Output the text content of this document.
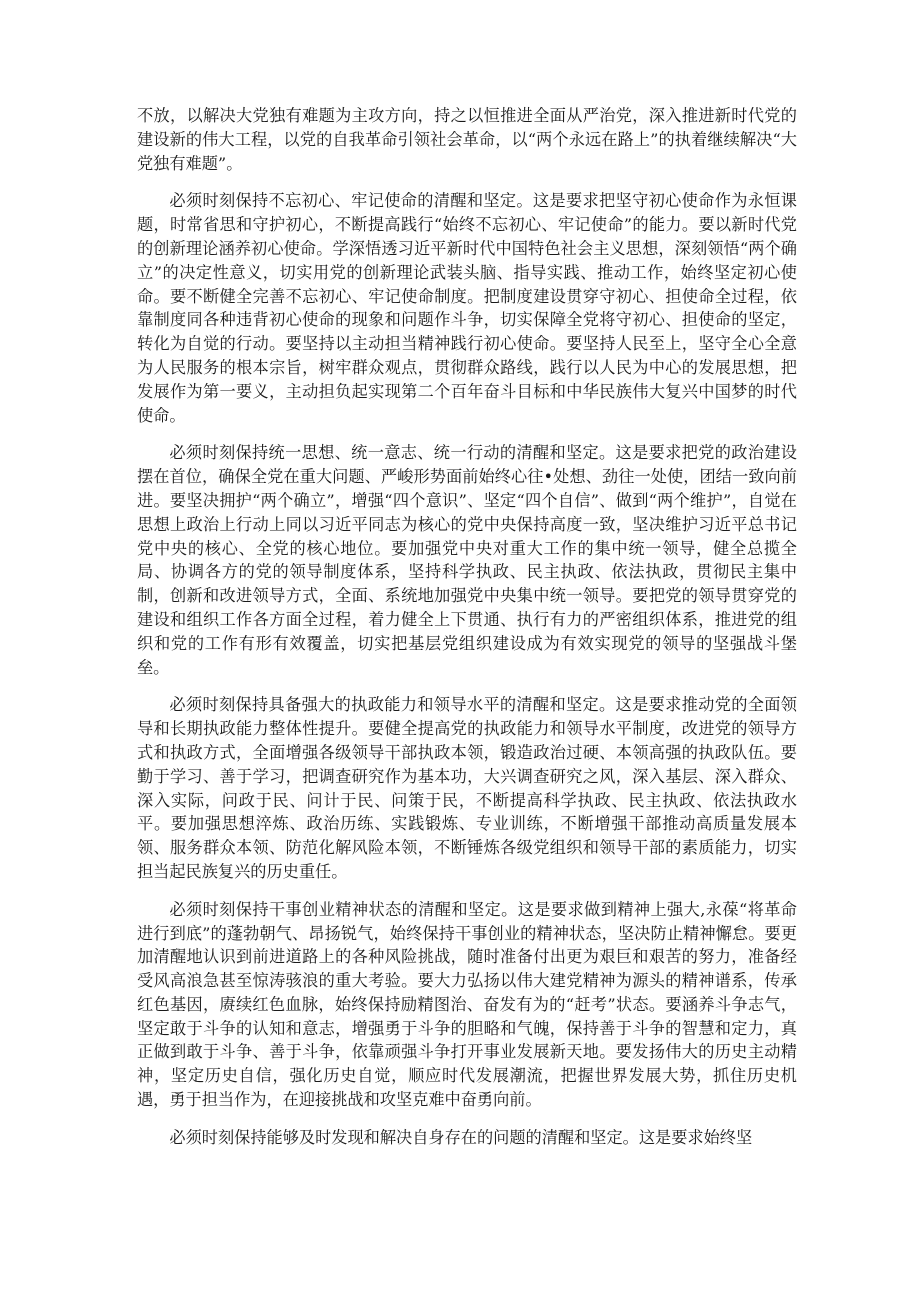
不放，以解决大党独有难题为主攻方向，持之以恒推进全面从严治党，深入推进新时代党的建设新的伟大工程，以党的自我革命引领社会革命，以“两个永远在路上”的执着继续解决“大党独有难题”。

必须时刻保持不忘初心、牢记使命的清醒和坚定。这是要求把坚守初心使命作为永恒课题，时常省思和守护初心，不断提高践行“始终不忘初心、牢记使命”的能力。要以新时代党的创新理论涵养初心使命。学深悟透习近平新时代中国特色社会主义思想，深刻领悟“两个确立”的决定性意义，切实用党的创新理论武装头脑、指导实践、推动工作，始终坚定初心使命。要不断健全完善不忘初心、牢记使命制度。把制度建设贯穿守初心、担使命全过程，依靠制度同各种违背初心使命的现象和问题作斗争，切实保障全党将守初心、担使命的坚定，转化为自觉的行动。要坚持以主动担当精神践行初心使命。要坚持人民至上，坚守全心全意为人民服务的根本宗旨，树牢群众观点，贯彻群众路线，践行以人民为中心的发展思想，把发展作为第一要义，主动担负起实现第二个百年奋斗目标和中华民族伟大复兴中国梦的时代使命。

必须时刻保持统一思想、统一意志、统一行动的清醒和坚定。这是要求把党的政治建设摆在首位，确保全党在重大问题、严峻形势面前始终心往•处想、劲往一处使，团结一致向前进。要坚决拥护“两个确立”，增强“四个意识”、坚定“四个自信”、做到“两个维护”，自觉在思想上政治上行动上同以习近平同志为核心的党中央保持高度一致，坚决维护习近平总书记党中央的核心、全党的核心地位。要加强党中央对重大工作的集中统一领导，健全总揽全局、协调各方的党的领导制度体系，坚持科学执政、民主执政、依法执政，贯彻民主集中制，创新和改进领导方式，全面、系统地加强党中央集中统一领导。要把党的领导贯穿党的建设和组织工作各方面全过程，着力健全上下贯通、执行有力的严密组织体系，推进党的组织和党的工作有形有效覆盖，切实把基层党组织建设成为有效实现党的领导的坚强战斗堡垒。

必须时刻保持具备强大的执政能力和领导水平的清醒和坚定。这是要求推动党的全面领导和长期执政能力整体性提升。要健全提高党的执政能力和领导水平制度，改进党的领导方式和执政方式，全面增强各级领导干部执政本领，锻造政治过硬、本领高强的执政队伍。要勤于学习、善于学习，把调查研究作为基本功，大兴调查研究之风，深入基层、深入群众、深入实际，问政于民、问计于民、问策于民，不断提高科学执政、民主执政、依法执政水平。要加强思想淬炼、政治历练、实践锻炼、专业训练，不断增强干部推动高质量发展本领、服务群众本领、防范化解风险本领，不断锤炼各级党组织和领导干部的素质能力，切实担当起民族复兴的历史重任。

必须时刻保持干事创业精神状态的清醒和坚定。这是要求做到精神上强大,永葆“将革命进行到底”的蓬勃朝气、昂扬锐气，始终保持干事创业的精神状态，坚决防止精神懈怠。要更加清醒地认识到前进道路上的各种风险挑战，随时准备付出更为艰巨和艰苦的努力，准备经受风高浪急甚至惊涛骇浪的重大考验。要大力弘扬以伟大建党精神为源头的精神谱系，传承红色基因，赓续红色血脉，始终保持励精图治、奋发有为的“赶考”状态。要涵养斗争志气，坚定敢于斗争的认知和意志，增强勇于斗争的胆略和气魄，保持善于斗争的智慧和定力，真正做到敢于斗争、善于斗争，依靠顽强斗争打开事业发展新天地。要发扬伟大的历史主动精神，坚定历史自信，强化历史自觉，顺应时代发展潮流，把握世界发展大势，抓住历史机遇，勇于担当作为，在迎接挑战和攻坚克难中奋勇向前。

必须时刻保持能够及时发现和解决自身存在的问题的清醒和坚定。这是要求始终坚
